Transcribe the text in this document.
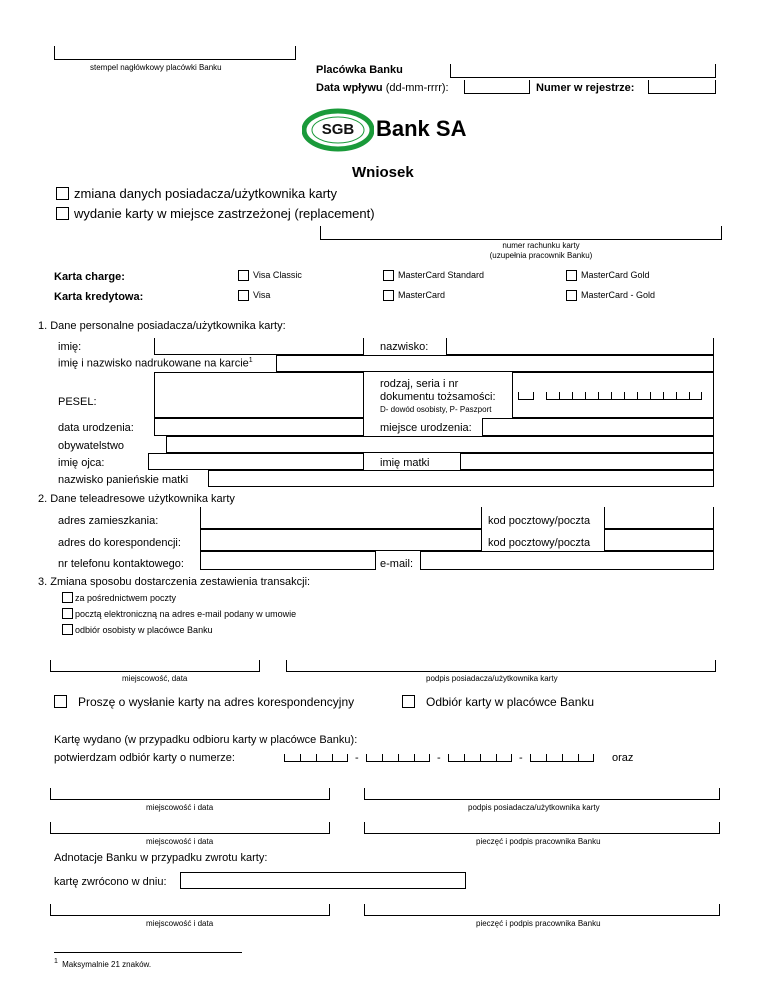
stempel nagłówkowy placówki Banku	Placówka Banku
Data wpływu (dd-mm-rrrr):	Numer w rejestrze:
SGB Bank SA
Wniosek
zmiana danych posiadacza/użytkownika karty
wydanie karty w miejsce zastrzeżonej (replacement)
numer rachunku karty
(uzupełnia pracownik Banku)
Karta charge:	Visa Classic	MasterCard Standard	MasterCard Gold
Karta kredytowa:	Visa	MasterCard	MasterCard - Gold
1. Dane personalne posiadacza/użytkownika karty:
imię:	nazwisko:
imię i nazwisko nadrukowane na karcie$^1$
PESEL:
rodzaj, seria i nr
dokumentu tożsamości:
D- dowód osobisty, P- Paszport
data urodzenia:	miejsce urodzenia:
obywatelstwo
imię ojca:	imię matki
nazwisko panieńskie matki
2. Dane teleadresowe użytkownika karty
adres zamieszkania:	kod pocztowy/poczta
adres do korespondencji:	kod pocztowy/poczta
nr telefonu kontaktowego:	e-mail:
3. Zmiana sposobu dostarczenia zestawienia transakcji:
za pośrednictwem poczty
pocztą elektroniczną na adres e-mail podany w umowie
odbiór osobisty w placówce Banku
miejscowość, data	podpis posiadacza/użytkownika karty
Proszę o wysłanie karty na adres korespondencyjny	Odbiór karty w placówce Banku
Kartę wydano (w przypadku odbioru karty w placówce Banku):
potwierdzam odbiór karty o numerze:	-	-	-	oraz
miejscowość i data	podpis posiadacza/użytkownika karty
miejscowość i data	pieczęć i podpis pracownika Banku
Adnotacje Banku w przypadku zwrotu karty:
kartę zwrócono w dniu:
miejscowość i data	pieczęć i podpis pracownika Banku
$^1$ Maksymalnie 21 znaków.
